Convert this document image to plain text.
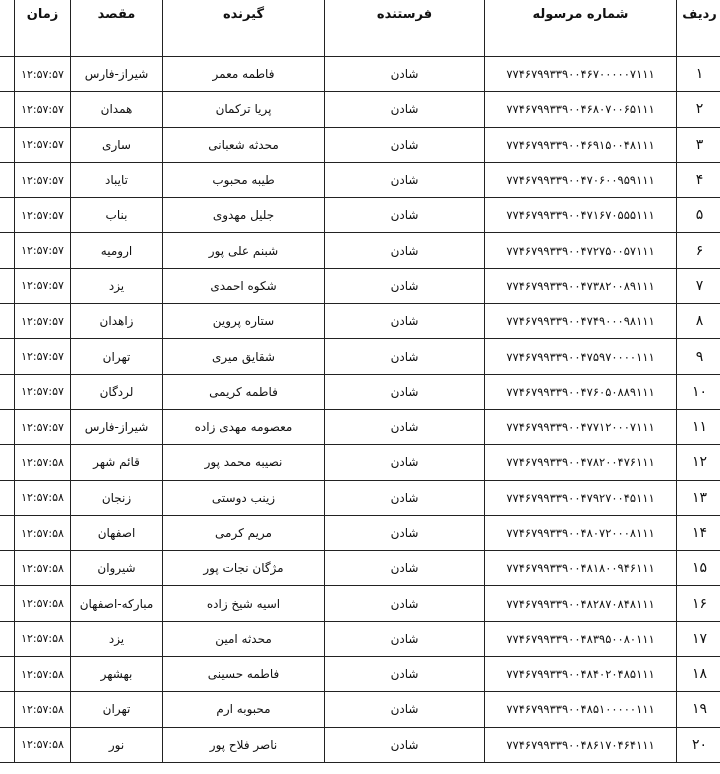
ردیف	شماره مرسوله	فرستنده	گیرنده	مقصد	زمان	
۱	۷۷۴۶۷۹۹۳۳۹۰۰۴۶۷۰۰۰۰۰۷۱۱۱	شادن	فاطمه معمر	شیراز-فارس	۱۲:۵۷:۵۷	
۲	۷۷۴۶۷۹۹۳۳۹۰۰۴۶۸۰۷۰۰۶۵۱۱۱	شادن	پریا ترکمان	همدان	۱۲:۵۷:۵۷	
۳	۷۷۴۶۷۹۹۳۳۹۰۰۴۶۹۱۵۰۰۴۸۱۱۱	شادن	محدثه شعبانی	ساری	۱۲:۵۷:۵۷	
۴	۷۷۴۶۷۹۹۳۳۹۰۰۴۷۰۶۰۰۹۵۹۱۱۱	شادن	طیبه محبوب	تایباد	۱۲:۵۷:۵۷	
۵	۷۷۴۶۷۹۹۳۳۹۰۰۴۷۱۶۷۰۵۵۵۱۱۱	شادن	جلیل مهدوی	بناب	۱۲:۵۷:۵۷	
۶	۷۷۴۶۷۹۹۳۳۹۰۰۴۷۲۷۵۰۰۵۷۱۱۱	شادن	شبنم علی پور	ارومیه	۱۲:۵۷:۵۷	
۷	۷۷۴۶۷۹۹۳۳۹۰۰۴۷۳۸۲۰۰۸۹۱۱۱	شادن	شکوه احمدی	یزد	۱۲:۵۷:۵۷	
۸	۷۷۴۶۷۹۹۳۳۹۰۰۴۷۴۹۰۰۰۹۸۱۱۱	شادن	ستاره پروین	زاهدان	۱۲:۵۷:۵۷	
۹	۷۷۴۶۷۹۹۳۳۹۰۰۴۷۵۹۷۰۰۰۰۱۱۱	شادن	شقایق میری	تهران	۱۲:۵۷:۵۷	
۱۰	۷۷۴۶۷۹۹۳۳۹۰۰۴۷۶۰۵۰۸۸۹۱۱۱	شادن	فاطمه کریمی	لردگان	۱۲:۵۷:۵۷	
۱۱	۷۷۴۶۷۹۹۳۳۹۰۰۴۷۷۱۲۰۰۰۷۱۱۱	شادن	معصومه مهدی زاده	شیراز-فارس	۱۲:۵۷:۵۷	
۱۲	۷۷۴۶۷۹۹۳۳۹۰۰۴۷۸۲۰۰۴۷۶۱۱۱	شادن	نصیبه محمد پور	قائم شهر	۱۲:۵۷:۵۸	
۱۳	۷۷۴۶۷۹۹۳۳۹۰۰۴۷۹۲۷۰۰۴۵۱۱۱	شادن	زینب دوستی	زنجان	۱۲:۵۷:۵۸	
۱۴	۷۷۴۶۷۹۹۳۳۹۰۰۴۸۰۷۲۰۰۰۸۱۱۱	شادن	مریم کرمی	اصفهان	۱۲:۵۷:۵۸	
۱۵	۷۷۴۶۷۹۹۳۳۹۰۰۴۸۱۸۰۰۹۴۶۱۱۱	شادن	مژگان نجات پور	شیروان	۱۲:۵۷:۵۸	
۱۶	۷۷۴۶۷۹۹۳۳۹۰۰۴۸۲۸۷۰۸۴۸۱۱۱	شادن	اسیه شیخ زاده	مبارکه-اصفهان	۱۲:۵۷:۵۸	
۱۷	۷۷۴۶۷۹۹۳۳۹۰۰۴۸۳۹۵۰۰۸۰۱۱۱	شادن	محدثه امین	یزد	۱۲:۵۷:۵۸	
۱۸	۷۷۴۶۷۹۹۳۳۹۰۰۴۸۴۰۲۰۴۸۵۱۱۱	شادن	فاطمه حسینی	بهشهر	۱۲:۵۷:۵۸	
۱۹	۷۷۴۶۷۹۹۳۳۹۰۰۴۸۵۱۰۰۰۰۰۱۱۱	شادن	محبوبه ارم	تهران	۱۲:۵۷:۵۸	
۲۰	۷۷۴۶۷۹۹۳۳۹۰۰۴۸۶۱۷۰۴۶۴۱۱۱	شادن	ناصر فلاح پور	نور	۱۲:۵۷:۵۸	
